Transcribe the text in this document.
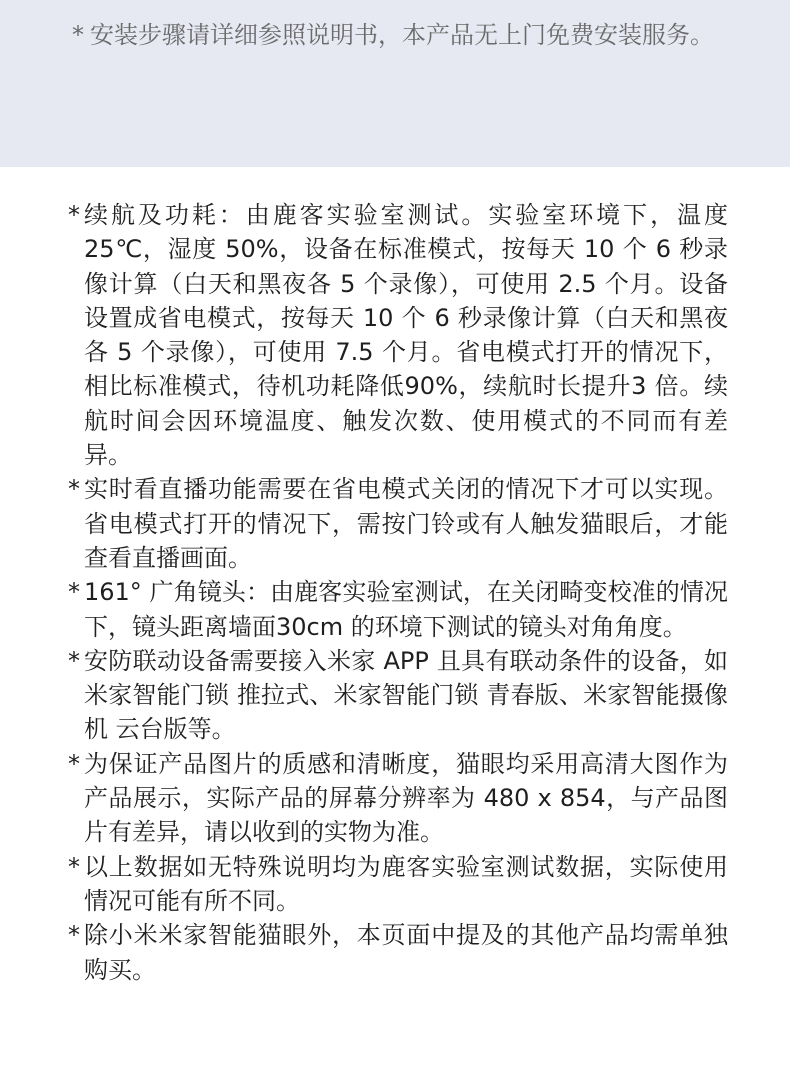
* 安装步骤请详细参照说明书，本产品无上门免费安装服务。
* 续航及功耗：由鹿客实验室测试。实验室环境下，温度25℃，湿度 50%，设备在标准模式，按每天 10 个 6 秒录像计算（白天和黑夜各 5 个录像），可使用 2.5 个月。设备设置成省电模式，按每天 10 个 6 秒录像计算（白天和黑夜各 5 个录像），可使用 7.5 个月。省电模式打开的情况下，相比标准模式，待机功耗降低90%，续航时长提升3 倍。续航时间会因环境温度、触发次数、使用模式的不同而有差异。
* 实时看直播功能需要在省电模式关闭的情况下才可以实现。省电模式打开的情况下，需按门铃或有人触发猫眼后，才能查看直播画面。
* 161° 广角镜头：由鹿客实验室测试，在关闭畸变校准的情况下，镜头距离墙面30cm 的环境下测试的镜头对角角度。
* 安防联动设备需要接入米家 APP 且具有联动条件的设备，如米家智能门锁 推拉式、米家智能门锁 青春版、米家智能摄像机 云台版等。
* 为保证产品图片的质感和清晰度，猫眼均采用高清大图作为产品展示，实际产品的屏幕分辨率为 480 x 854，与产品图片有差异，请以收到的实物为准。
* 以上数据如无特殊说明均为鹿客实验室测试数据，实际使用情况可能有所不同。
* 除小米米家智能猫眼外，本页面中提及的其他产品均需单独购买。
